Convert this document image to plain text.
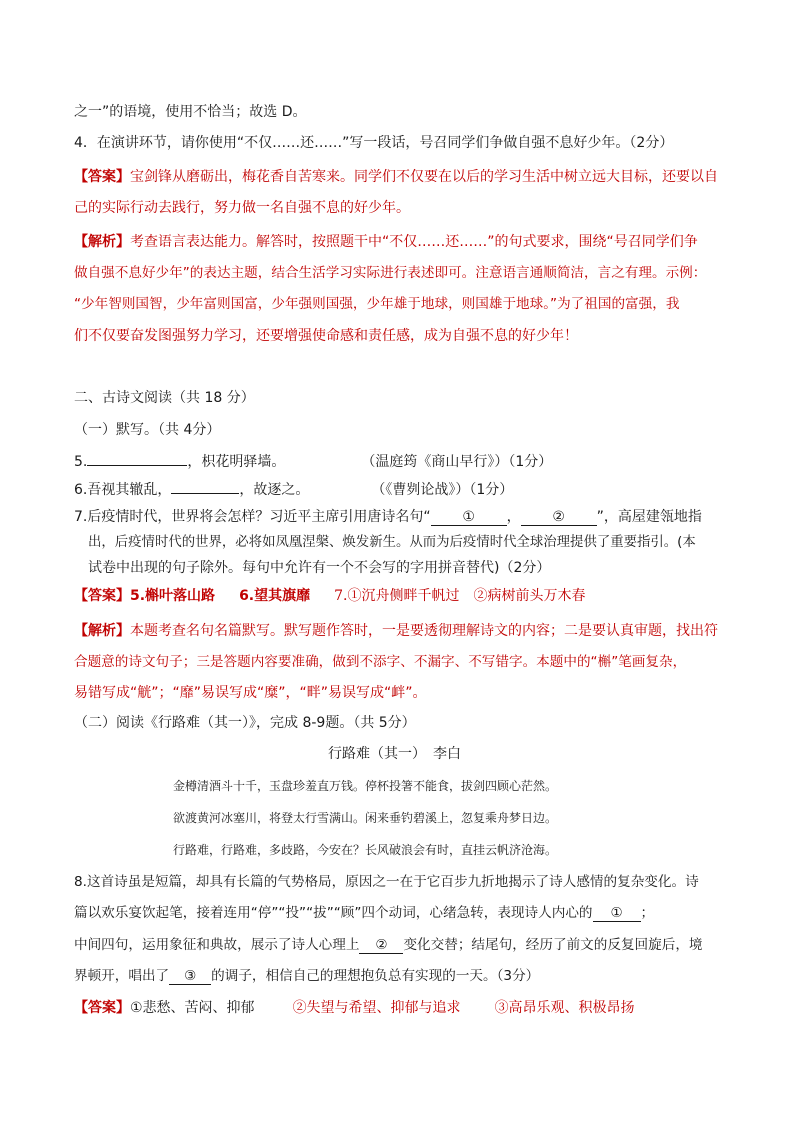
之一”的语境，使用不恰当；故选 D。
4．在演讲环节，请你使用“不仅……还……”写一段话，号召同学们争做自强不息好少年。（2分）
【答案】宝剑锋从磨砺出，梅花香自苦寒来。同学们不仅要在以后的学习生活中树立远大目标，还要以自
己的实际行动去践行，努力做一名自强不息的好少年。
【解析】考查语言表达能力。解答时，按照题干中“不仅……还……”的句式要求，围绕“号召同学们争
做自强不息好少年”的表达主题，结合生活学习实际进行表述即可。注意语言通顺简洁，言之有理。示例：
“少年智则国智，少年富则国富，少年强则国强，少年雄于地球，则国雄于地球。”为了祖国的富强，我
们不仅要奋发图强努力学习，还要增强使命感和责任感，成为自强不息的好少年！
二、古诗文阅读（共 18 分）
（一）默写。（共 4分）
5.	，枳花明驿墙。	（温庭筠《商山早行》）（1分）
6.吾视其辙乱，	，故逐之。	（《曹刿论战》）（1分）
7.后疫情时代，世界将会怎样？习近平主席引用唐诗名句“ ① ， ② ”，高屋建瓴地指
出，后疫情时代的世界，必将如凤凰涅槃、焕发新生。从而为后疫情时代全球治理提供了重要指引。(本
试卷中出现的句子除外。每句中允许有一个不会写的字用拼音替代)（2分）
【答案】5.槲叶落山路 6.望其旗靡 7.①沉舟侧畔千帆过　②病树前头万木春
【解析】本题考查名句名篇默写。默写题作答时，一是要透彻理解诗文的内容；二是要认真审题，找出符
合题意的诗文句子；三是答题内容要准确，做到不添字、不漏字、不写错字。本题中的“槲”笔画复杂，
易错写成“觥”；“靡”易误写成“糜”，“畔”易误写成“衅”。
（二）阅读《行路难（其一）》，完成 8-9题。（共 5分）
行路难（其一）　李白
金樽清酒斗十千，玉盘珍羞直万钱。停杯投箸不能食，拔剑四顾心茫然。
欲渡黄河冰塞川，将登太行雪满山。闲来垂钓碧溪上，忽复乘舟梦日边。
行路难，行路难，多歧路，今安在？长风破浪会有时，直挂云帆济沧海。
8.这首诗虽是短篇，却具有长篇的气势格局，原因之一在于它百步九折地揭示了诗人感情的复杂变化。诗
篇以欢乐宴饮起笔，接着连用“停”“投”“拔”“顾”四个动词，心绪急转，表现诗人内心的 ① ；
中间四句，运用象征和典故，展示了诗人心理上 ② 变化交替；结尾句，经历了前文的反复回旋后，境
界顿开，唱出了 ③ 的调子，相信自己的理想抱负总有实现的一天。（3分）
【答案】①悲愁、苦闷、抑郁	②失望与希望、抑郁与追求 ③高昂乐观、积极昂扬
